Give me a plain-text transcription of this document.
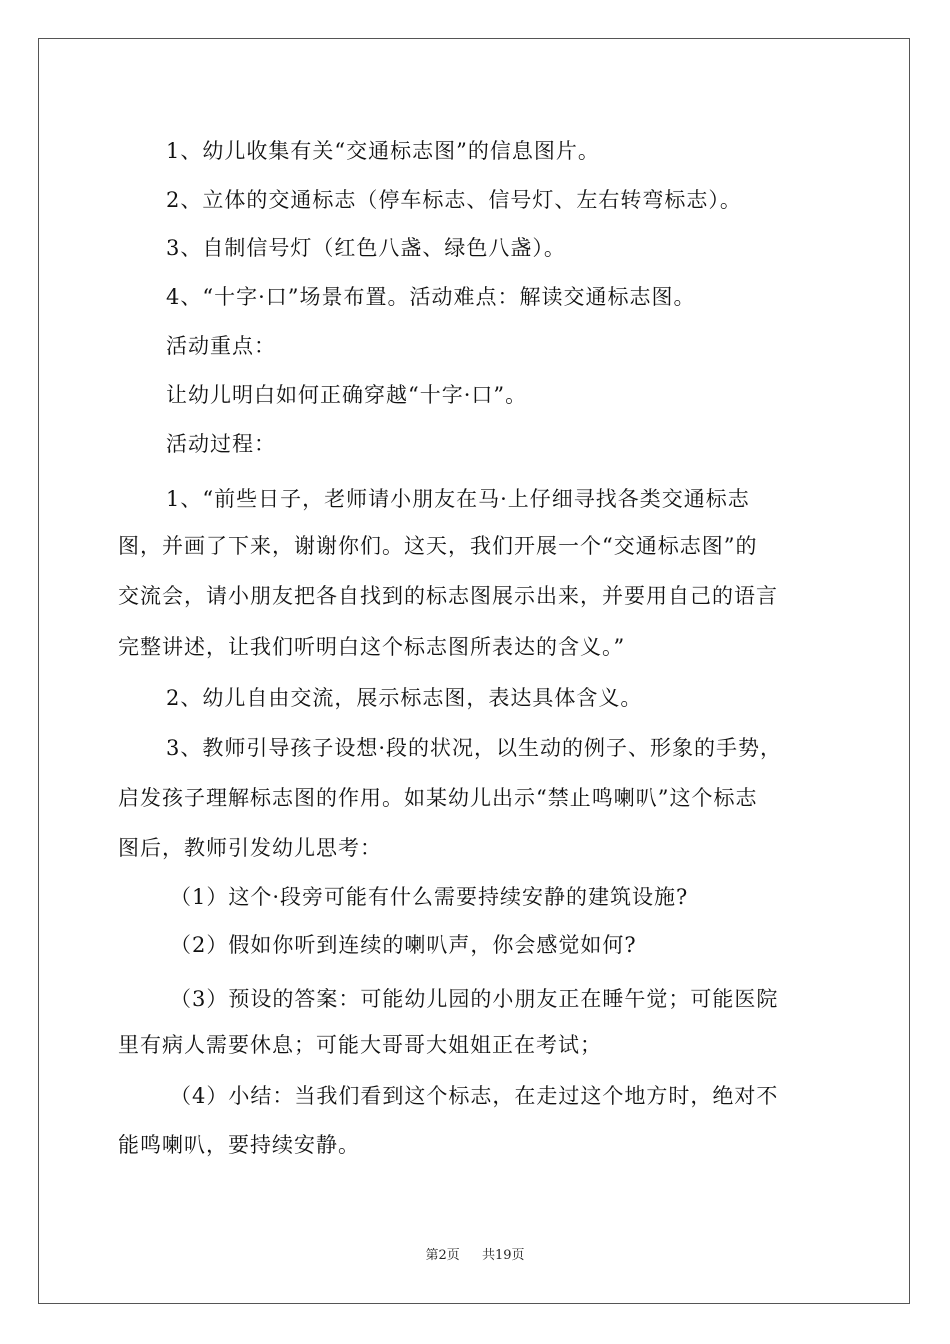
1、幼儿收集有关“交通标志图”的信息图片。
2、立体的交通标志（停车标志、信号灯、左右转弯标志）。
3、自制信号灯（红色八盏、绿色八盏）。
4、“十字·口”场景布置。活动难点：解读交通标志图。
活动重点：
让幼儿明白如何正确穿越“十字·口”。
活动过程：
1、“前些日子，老师请小朋友在马·上仔细寻找各类交通标志
图，并画了下来，谢谢你们。这天，我们开展一个“交通标志图”的
交流会，请小朋友把各自找到的标志图展示出来，并要用自己的语言
完整讲述，让我们听明白这个标志图所表达的含义。”
2、幼儿自由交流，展示标志图，表达具体含义。
3、教师引导孩子设想·段的状况，以生动的例子、形象的手势，
启发孩子理解标志图的作用。如某幼儿出示“禁止鸣喇叭”这个标志
图后，教师引发幼儿思考：
（1）这个·段旁可能有什么需要持续安静的建筑设施?
（2）假如你听到连续的喇叭声，你会感觉如何?
（3）预设的答案：可能幼儿园的小朋友正在睡午觉；可能医院
里有病人需要休息；可能大哥哥大姐姐正在考试；
（4）小结：当我们看到这个标志，在走过这个地方时，绝对不
能鸣喇叭，要持续安静。
第2页 共19页
